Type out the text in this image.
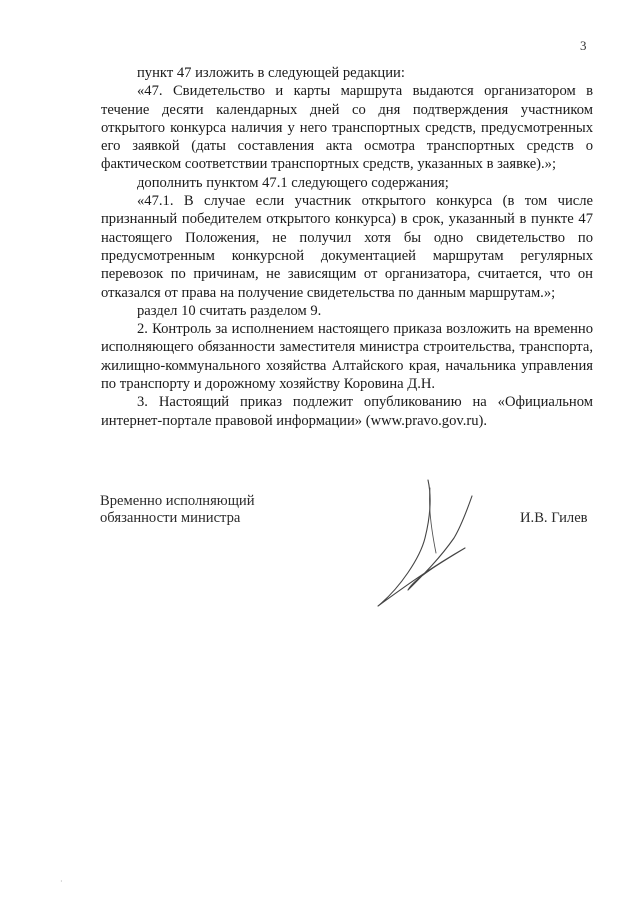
3

пункт 47 изложить в следующей редакции:

«47. Свидетельство и карты маршрута выдаются организатором в течение десяти календарных дней со дня подтверждения участником открытого конкурса наличия у него транспортных средств, предусмотренных его заявкой (даты составления акта осмотра транспортных средств о фактическом соответствии транспортных средств, указанных в заявке).»;

дополнить пунктом 47.1 следующего содержания;

«47.1. В случае если участник открытого конкурса (в том числе признанный победителем открытого конкурса) в срок, указанный в пункте 47 настоящего Положения, не получил хотя бы одно свидетельство по предусмотренным конкурсной документацией маршрутам регулярных перевозок по причинам, не зависящим от организатора, считается, что он отказался от права на получение свидетельства по данным маршрутам.»;

раздел 10 считать разделом 9.

2. Контроль за исполнением настоящего приказа возложить на временно исполняющего обязанности заместителя министра строительства, транспорта, жилищно-коммунального хозяйства Алтайского края, начальника управления по транспорту и дорожному хозяйству Коровина Д.Н.

3. Настоящий приказ подлежит опубликованию на «Официальном интернет-портале правовой информации» (www.pravo.gov.ru).

Временно исполняющий
обязанности министра	И.В. Гилев
·
